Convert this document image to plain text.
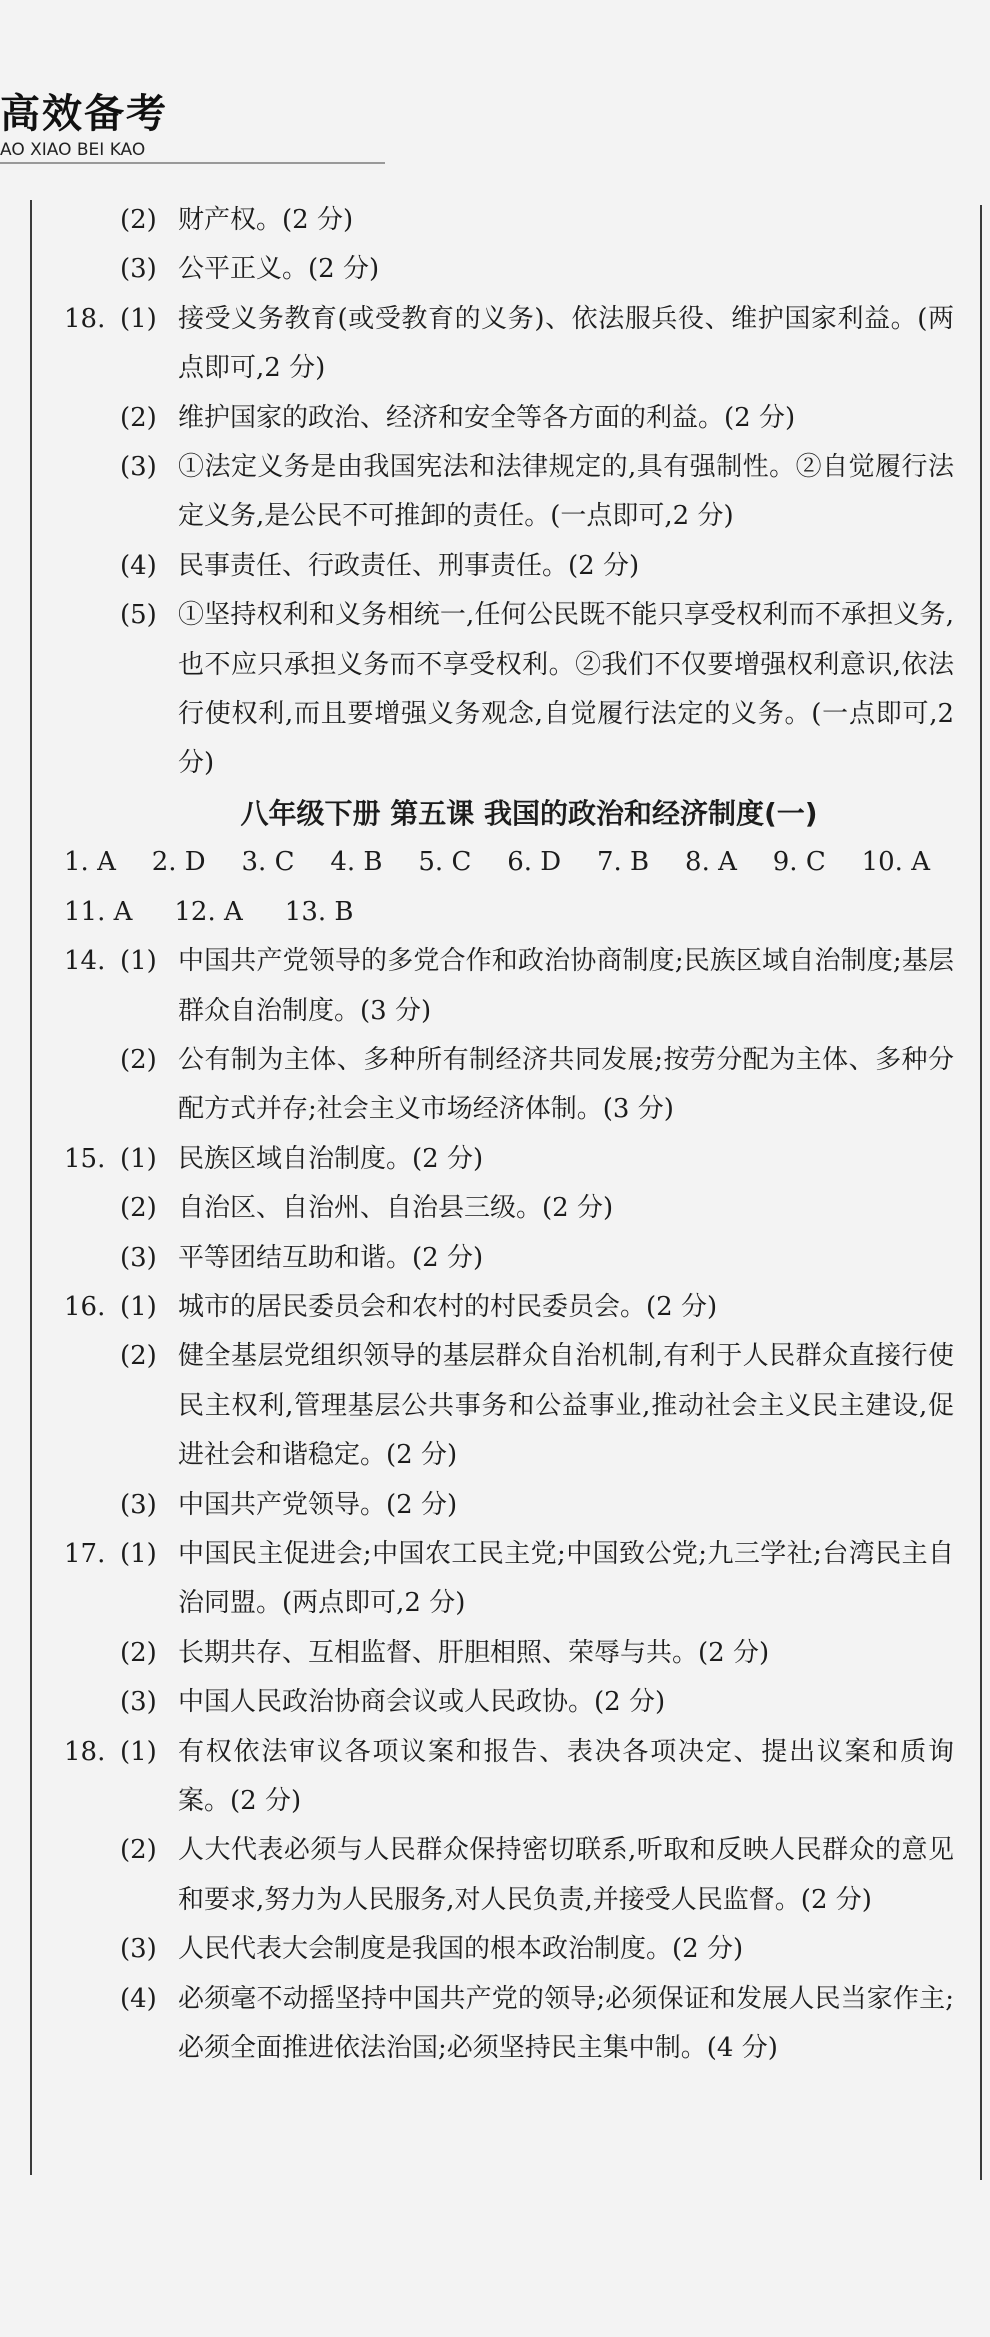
高效备考
AO XIAO BEI KAO
(2) 财产权。(2 分)
(3) 公平正义。(2 分)
18. (1) 接受义务教育(或受教育的义务)、依法服兵役、维护国家利益。(两点即可,2 分)
(2) 维护国家的政治、经济和安全等各方面的利益。(2 分)
(3) ①法定义务是由我国宪法和法律规定的,具有强制性。②自觉履行法定义务,是公民不可推卸的责任。(一点即可,2 分)
(4) 民事责任、行政责任、刑事责任。(2 分)
(5) ①坚持权利和义务相统一,任何公民既不能只享受权利而不承担义务,也不应只承担义务而不享受权利。②我们不仅要增强权利意识,依法行使权利,而且要增强义务观念,自觉履行法定的义务。(一点即可,2 分)
八年级下册 第五课 我国的政治和经济制度(一)
1. A 2. D 3. C 4. B 5. C 6. D 7. B 8. A 9. C 10. A
11. A 12. A 13. B
14. (1) 中国共产党领导的多党合作和政治协商制度;民族区域自治制度;基层群众自治制度。(3 分)
(2) 公有制为主体、多种所有制经济共同发展;按劳分配为主体、多种分配方式并存;社会主义市场经济体制。(3 分)
15. (1) 民族区域自治制度。(2 分)
(2) 自治区、自治州、自治县三级。(2 分)
(3) 平等团结互助和谐。(2 分)
16. (1) 城市的居民委员会和农村的村民委员会。(2 分)
(2) 健全基层党组织领导的基层群众自治机制,有利于人民群众直接行使民主权利,管理基层公共事务和公益事业,推动社会主义民主建设,促进社会和谐稳定。(2 分)
(3) 中国共产党领导。(2 分)
17. (1) 中国民主促进会;中国农工民主党;中国致公党;九三学社;台湾民主自治同盟。(两点即可,2 分)
(2) 长期共存、互相监督、肝胆相照、荣辱与共。(2 分)
(3) 中国人民政治协商会议或人民政协。(2 分)
18. (1) 有权依法审议各项议案和报告、表决各项决定、提出议案和质询案。(2 分)
(2) 人大代表必须与人民群众保持密切联系,听取和反映人民群众的意见和要求,努力为人民服务,对人民负责,并接受人民监督。(2 分)
(3) 人民代表大会制度是我国的根本政治制度。(2 分)
(4) 必须毫不动摇坚持中国共产党的领导;必须保证和发展人民当家作主;必须全面推进依法治国;必须坚持民主集中制。(4 分)
